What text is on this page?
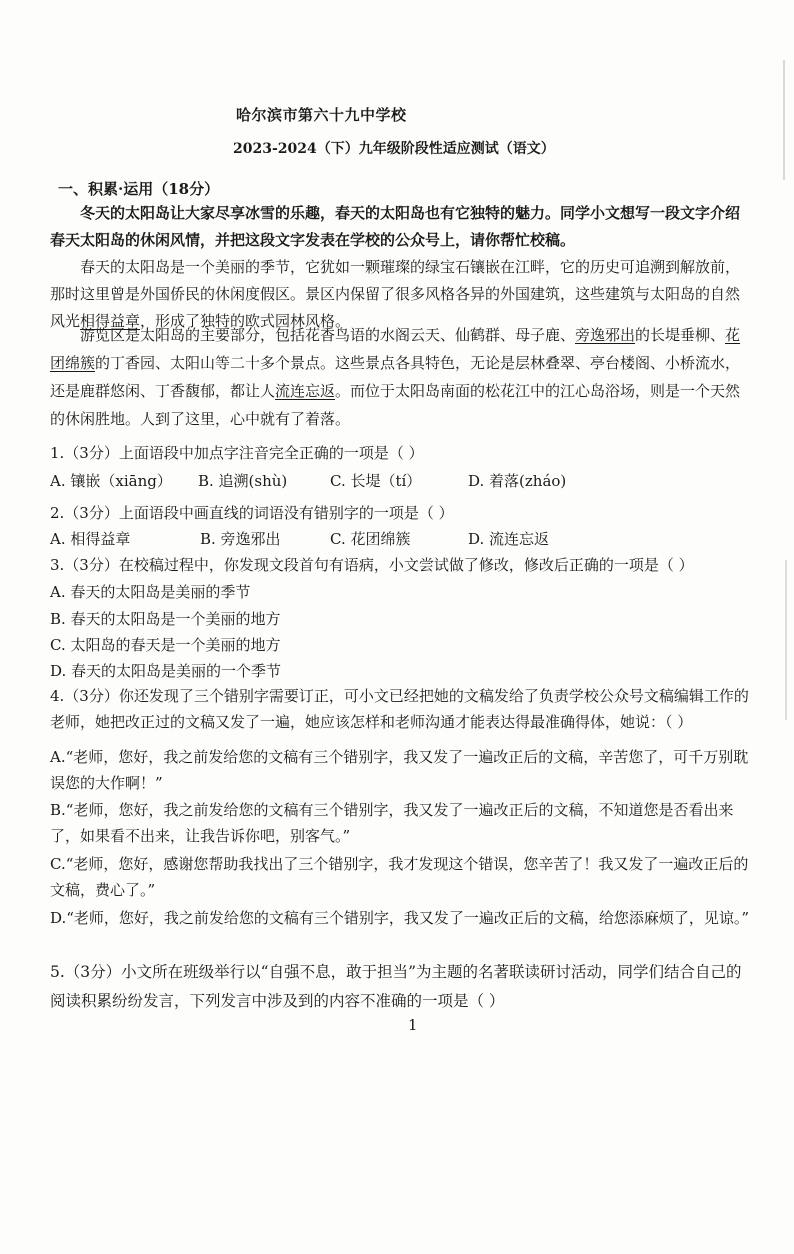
哈尔滨市第六十九中学校
2023-2024（下）九年级阶段性适应测试（语文）
一、积累·运用（18分）
冬天的太阳岛让大家尽享冰雪的乐趣，春天的太阳岛也有它独特的魅力。同学小文想写一段文字介绍春天太阳岛的休闲风情，并把这段文字发表在学校的公众号上，请你帮忙校稿。
春天的太阳岛是一个美丽的季节，它犹如一颗璀璨的绿宝石镶嵌在江畔，它的历史可追溯到解放前，那时这里曾是外国侨民的休闲度假区。景区内保留了很多风格各异的外国建筑，这些建筑与太阳岛的自然风光相得益章，形成了独特的欧式园林风格。
游览区是太阳岛的主要部分，包括花香鸟语的水阁云天、仙鹤群、母子鹿、旁逸邪出的长堤垂柳、花团绵簇的丁香园、太阳山等二十多个景点。这些景点各具特色，无论是层林叠翠、亭台楼阁、小桥流水，还是鹿群悠闲、丁香馥郁，都让人流连忘返。而位于太阳岛南面的松花江中的江心岛浴场，则是一个天然的休闲胜地。人到了这里，心中就有了着落。
1.（3分）上面语段中加点字注音完全正确的一项是（ ）
A. 镶嵌（xiāng） B. 追溯(shù)	C. 长堤（tí）	D. 着落(zháo)
2.（3分）上面语段中画直线的词语没有错别字的一项是（ ）
A. 相得益章	B. 旁逸邪出	C. 花团绵簇	D. 流连忘返
3.（3分）在校稿过程中，你发现文段首句有语病，小文尝试做了修改，修改后正确的一项是（ ）
A. 春天的太阳岛是美丽的季节
B. 春天的太阳岛是一个美丽的地方
C. 太阳岛的春天是一个美丽的地方
D. 春天的太阳岛是美丽的一个季节
4.（3分）你还发现了三个错别字需要订正，可小文已经把她的文稿发给了负责学校公众号文稿编辑工作的老师，她把改正过的文稿又发了一遍，她应该怎样和老师沟通才能表达得最准确得体，她说：（ ）
A.“老师，您好，我之前发给您的文稿有三个错别字，我又发了一遍改正后的文稿，辛苦您了，可千万别耽误您的大作啊！”
B.“老师，您好，我之前发给您的文稿有三个错别字，我又发了一遍改正后的文稿，不知道您是否看出来了，如果看不出来，让我告诉你吧，别客气。”
C.“老师，您好，感谢您帮助我找出了三个错别字，我才发现这个错误，您辛苦了！我又发了一遍改正后的文稿，费心了。”
D.“老师，您好，我之前发给您的文稿有三个错别字，我又发了一遍改正后的文稿，给您添麻烦了，见谅。”
5.（3分）小文所在班级举行以“自强不息，敢于担当”为主题的名著联读研讨活动，同学们结合自己的阅读积累纷纷发言，下列发言中涉及到的内容不准确的一项是（ ）
1
